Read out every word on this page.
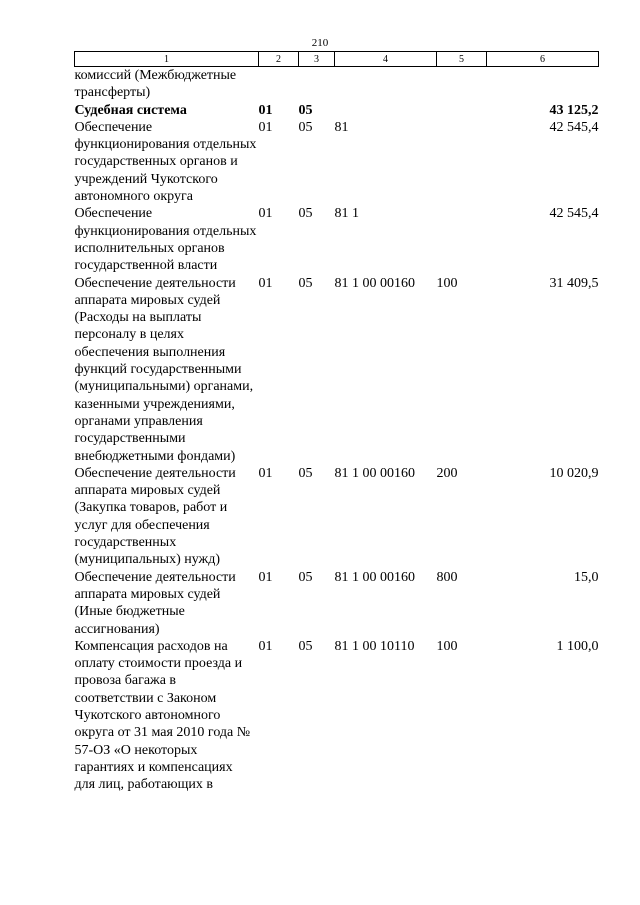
210
1	2	3	4	5	6
комиссий (Межбюджетные трансферты)					
Судебная система	01	05			43 125,2
Обеспечение функционирования отдельных государственных органов и учреждений Чукотского автономного округа	01	05	81		42 545,4
Обеспечение функционирования отдельных исполнительных органов государственной власти	01	05	81 1		42 545,4
Обеспечение деятельности аппарата мировых судей (Расходы на выплаты персоналу в целях обеспечения выполнения функций государственными (муниципальными) органами, казенными учреждениями, органами управления государственными внебюджетными фондами)	01	05	81 1 00 00160	100	31 409,5
Обеспечение деятельности аппарата мировых судей (Закупка товаров, работ и услуг для обеспечения государственных (муниципальных) нужд)	01	05	81 1 00 00160	200	10 020,9
Обеспечение деятельности аппарата мировых судей (Иные бюджетные ассигнования)	01	05	81 1 00 00160	800	15,0
Компенсация расходов на оплату стоимости проезда и провоза багажа в соответствии с Законом Чукотского автономного округа от 31 мая 2010 года № 57-ОЗ «О некоторых гарантиях и компенсациях для лиц, работающих в	01	05	81 1 00 10110	100	1 100,0
